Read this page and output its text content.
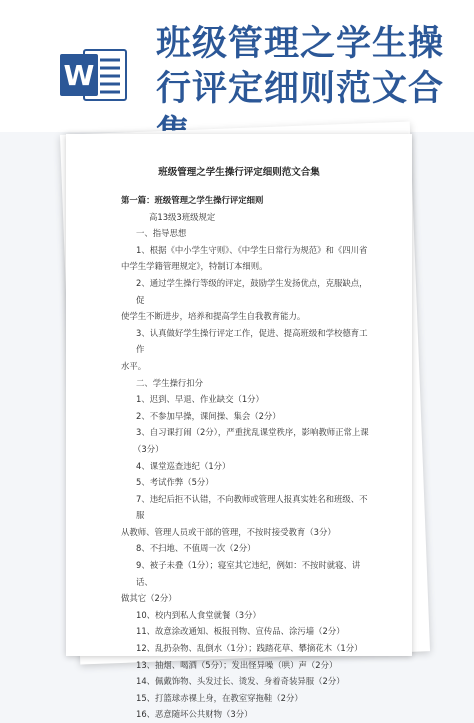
W
班级管理之学生操
行评定细则范文合
班级管理之学生操行评定细则范文合集

第一篇：班级管理之学生操行评定细则

高13级3班级规定

一、指导思想

1、根据《中小学生守则》、《中学生日常行为规范》和《四川省

中学生学籍管理规定》，特制订本细则。

2、通过学生操行等级的评定，鼓励学生发扬优点，克服缺点，促

使学生不断进步，培养和提高学生自我教育能力。

3、认真做好学生操行评定工作，促进、提高班级和学校德育工作

水平。

二、学生操行扣分

1、迟到、早退、作业缺交（1分）

2、不参加早操，课间操、集会（2分）

3、自习课打闹（2分），严重扰乱课堂秩序，影响教师正常上课

（3分）

4、课堂巡查违纪（1分）

5、考试作弊（5分）

7、违纪后拒不认错，不向教师或管理人报真实姓名和班级、不服

从教师、管理人员或干部的管理，不按时接受教育（3分）

8、不扫地、不值周一次（2分）

9、被子未叠（1分）；寝室其它违纪，例如：不按时就寝、讲话、

做其它（2分）

10、校内到私人食堂就餐（3分）

11、故意涂改通知、板报刊物、宣传品、涂污墙（2分）

12、乱扔杂物、乱倒水（1分）；践踏花草、攀摘花木（1分）

13、抽烟、喝酒（5分）；发出怪异噪（哄）声（2分）

14、佩戴饰物、头发过长、烫发、身着奇装异服（2分）

15、打篮球赤裸上身，在教室穿拖鞋（2分）

16、恶意随坏公共财物（3分）
